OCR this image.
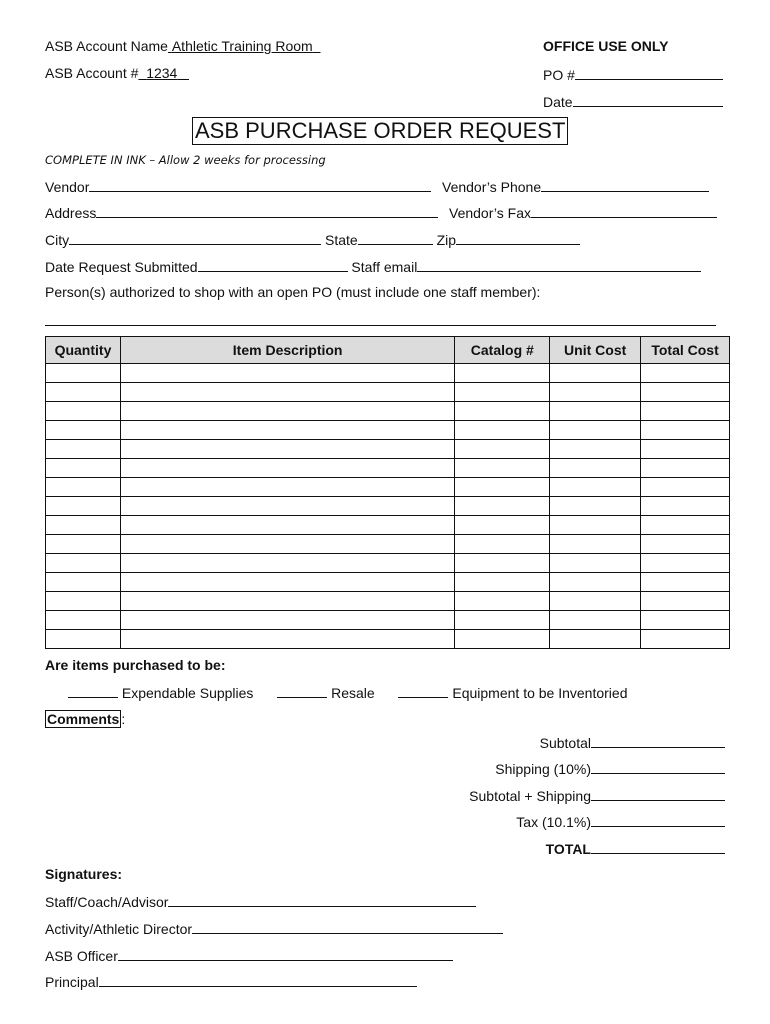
ASB Account Name Athletic Training Room
ASB Account # 1234
OFFICE USE ONLY
PO #
Date
ASB PURCHASE ORDER REQUEST
COMPLETE IN INK – Allow 2 weeks for processing
Vendor	Vendor’s Phone
Address	Vendor’s Fax
City	State	Zip
Date Request Submitted	Staff email
Person(s) authorized to shop with an open PO (must include one staff member):
Quantity	Item Description	Catalog #	Unit Cost	Total Cost

Are items purchased to be:
Expendable Supplies	Resale	Equipment to be Inventoried
Comments :
Subtotal
Shipping (10%)
Subtotal + Shipping
Tax (10.1%)
TOTAL
Signatures:
Staff/Coach/Advisor
Activity/Athletic Director
ASB Officer
Principal
